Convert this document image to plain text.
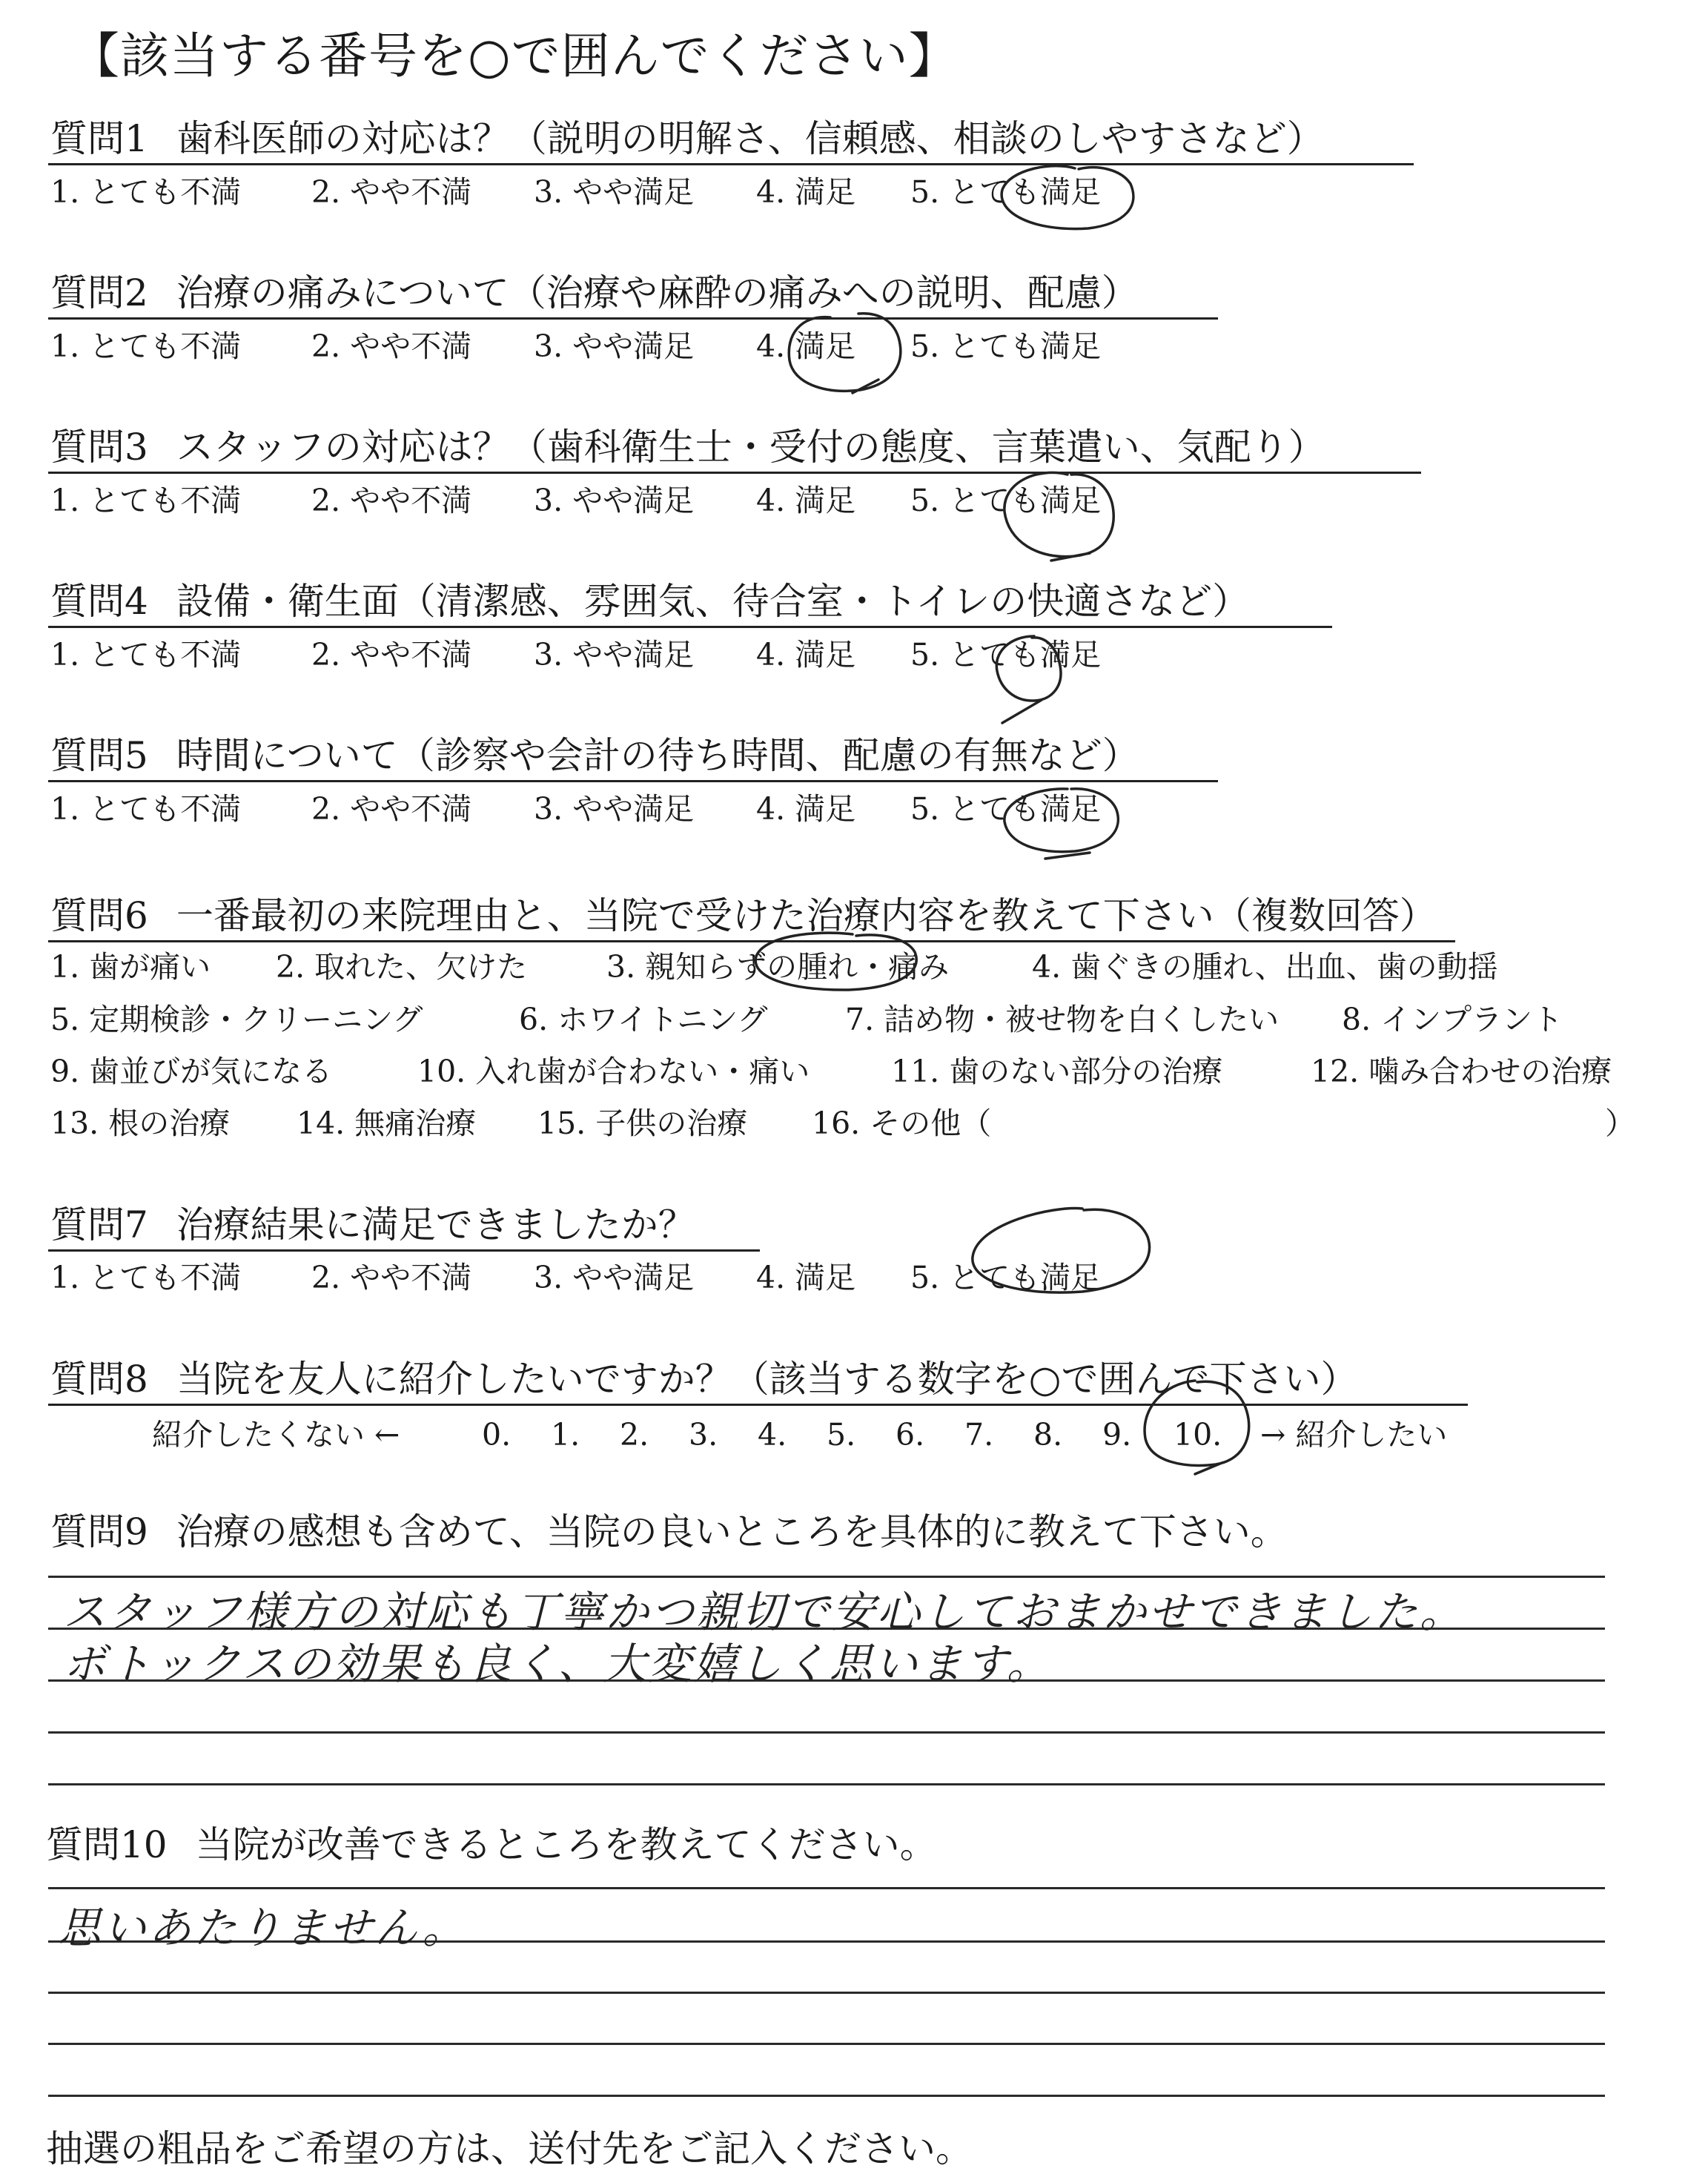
【該当する番号を○で囲んでください】
質問1 歯科医師の対応は？（説明の明解さ、信頼感、相談のしやすさなど）
1. とても不満 2. やや不満 3. やや満足 4. 満足 5. とても満足
質問2 治療の痛みについて（治療や麻酔の痛みへの説明、配慮）
1. とても不満 2. やや不満 3. やや満足 4. 満足 5. とても満足
質問3 スタッフの対応は？（歯科衛生士・受付の態度、言葉遣い、気配り）
1. とても不満 2. やや不満 3. やや満足 4. 満足 5. とても満足
質問4 設備・衛生面（清潔感、雰囲気、待合室・トイレの快適さなど）
1. とても不満 2. やや不満 3. やや満足 4. 満足 5. とても満足
質問5 時間について（診察や会計の待ち時間、配慮の有無など）
1. とても不満 2. やや不満 3. やや満足 4. 満足 5. とても満足
質問6 一番最初の来院理由と、当院で受けた治療内容を教えて下さい（複数回答）
1. 歯が痛い 2. 取れた、欠けた	3. 親知らずの腫れ・痛み	4. 歯ぐきの腫れ、出血、歯の動揺
5. 定期検診・クリーニング	6. ホワイトニング	7. 詰め物・被せ物を白くしたい 8. インプラント
9. 歯並びが気になる	10. 入れ歯が合わない・痛い	11. 歯のない部分の治療	12. 噛み合わせの治療
13. 根の治療 14. 無痛治療 15. 子供の治療 16. その他（	）
質問7 治療結果に満足できましたか？
1. とても不満 2. やや不満 3. やや満足 4. 満足 5. とても満足
質問8 当院を友人に紹介したいですか？（該当する数字を○で囲んで下さい）
紹介したくない ←	0. 1. 2. 3. 4. 5. 6. 7. 8. 9. 10. → 紹介したい
質問9 治療の感想も含めて、当院の良いところを具体的に教えて下さい。
スタッフ様方の対応も丁寧かつ親切で安心しておまかせできました。
ボトックスの効果も良く、大変嬉しく思います。
質問10 当院が改善できるところを教えてください。
思いあたりません。
抽選の粗品をご希望の方は、送付先をご記入ください。
